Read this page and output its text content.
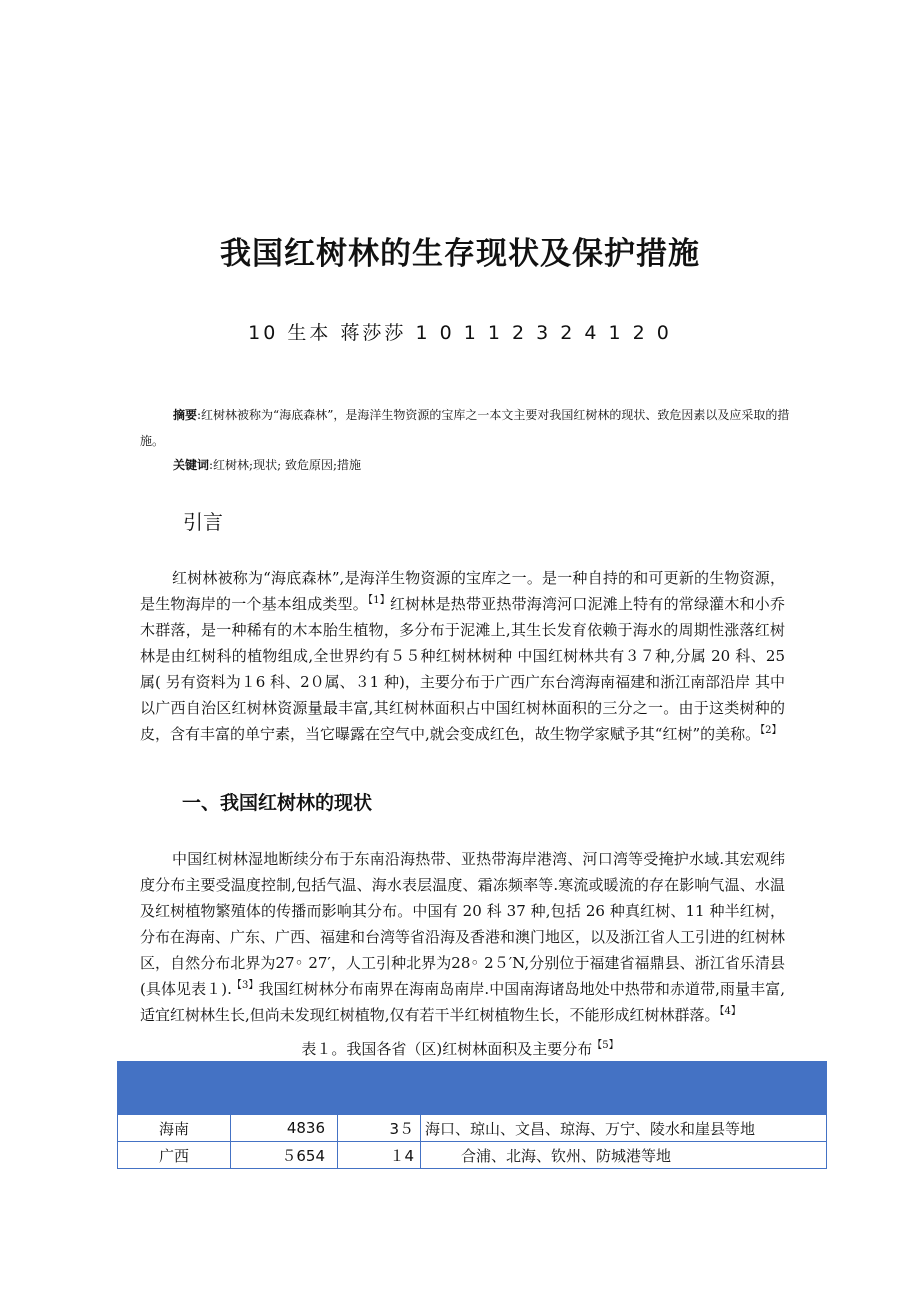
我国红树林的生存现状及保护措施
10 生本 蒋莎莎 1 0 1 1 2 3 2 4 1 2 0
摘要:红树林被称为“海底森林”，是海洋生物资源的宝库之一本文主要对我国红树林的现状、致危因素以及应采取的措施。
关键词:红树林;现状; 致危原因;措施
引言
红树林被称为“海底森林”,是海洋生物资源的宝库之一。是一种自持的和可更新的生物资源，是生物海岸的一个基本组成类型。$^{【1】}$红树林是热带亚热带海湾河口泥滩上特有的常绿灌木和小乔木群落，是一种稀有的木本胎生植物，多分布于泥滩上,其生长发育依赖于海水的周期性涨落红树林是由红树科的植物组成,全世界约有５５种红树林树种 中国红树林共有３７种,分属 20 科、25 属( 另有资料为１6 科、2０属、３1 种)，主要分布于广西广东台湾海南福建和浙江南部沿岸 其中以广西自治区红树林资源量最丰富,其红树林面积占中国红树林面积的三分之一。由于这类树种的皮，含有丰富的单宁素，当它曝露在空气中,就会变成红色，故生物学家赋予其“红树”的美称。$^{【2】}$
一、我国红树林的现状
中国红树林湿地断续分布于东南沿海热带、亚热带海岸港湾、河口湾等受掩护水域.其宏观纬度分布主要受温度控制,包括气温、海水表层温度、霜冻频率等.寒流或暖流的存在影响气温、水温及红树植物繁殖体的传播而影响其分布。中国有 20 科 37 种,包括 26 种真红树、11 种半红树，分布在海南、广东、广西、福建和台湾等省沿海及香港和澳门地区，以及浙江省人工引进的红树林区，自然分布北界为27◦ 27′，人工引种北界为28◦ 2５′N,分别位于福建省福鼎县、浙江省乐清县(具体见表１).$^{【3】}$我国红树林分布南界在海南岛南岸.中国南海诸岛地处中热带和赤道带,雨量丰富,适宜红树林生长,但尚未发现红树植物,仅有若干半红树植物生长，不能形成红树林群落。$^{【4】}$
表１。我国各省（区)红树林面积及主要分布$^{【5】}$

海南	4836	3５	海口、琼山、文昌、琼海、万宁、陵水和崖县等地
广西	５654	１4	合浦、北海、钦州、防城港等地
